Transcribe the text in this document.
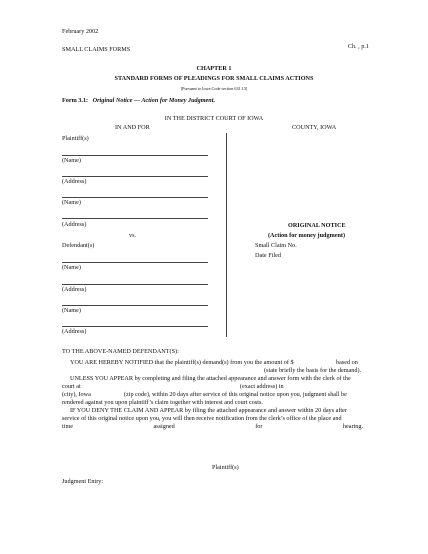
February 2002
Ch. , p.1
SMALL CLAIMS FORMS
CHAPTER 1
STANDARD FORMS OF PLEADINGS FOR SMALL CLAIMS ACTIONS
[Pursuant to Iowa Code section 631.13]
Form 3.1: Original Notice — Action for Money Judgment.
IN THE DISTRICT COURT OF IOWA
IN AND FOR	COUNTY, IOWA
Plaintiff(s)
(Name)
(Address)
(Name)
(Address)
vs.
Defendant(s)
(Name)
(Address)
(Name)
(Address)
ORIGINAL NOTICE
(Action for money judgment)
Small Claim No.
Date Filed
TO THE ABOVE-NAMED DEFENDANT(S):
YOU ARE HEREBY NOTIFIED that the plaintiff(s) demand(s) from you the amount of $	based on
(state briefly the basis for the demand).
UNLESS YOU APPEAR by completing and filing the attached appearance and answer form with the clerk of the
court at	(exact address) in
(city), Iowa	(zip code), within 20 days after service of this original notice upon you, judgment shall be
rendered against you upon plaintiff’s claim together with interest and court costs.
IF YOU DENY THE CLAIM AND APPEAR by filing the attached appearance and answer within 20 days after
service of this original notice upon you, you will then receive notification from the clerk’s office of the place and
time	assigned	for	hearing.
Plaintiff(s)
Judgment Entry:
